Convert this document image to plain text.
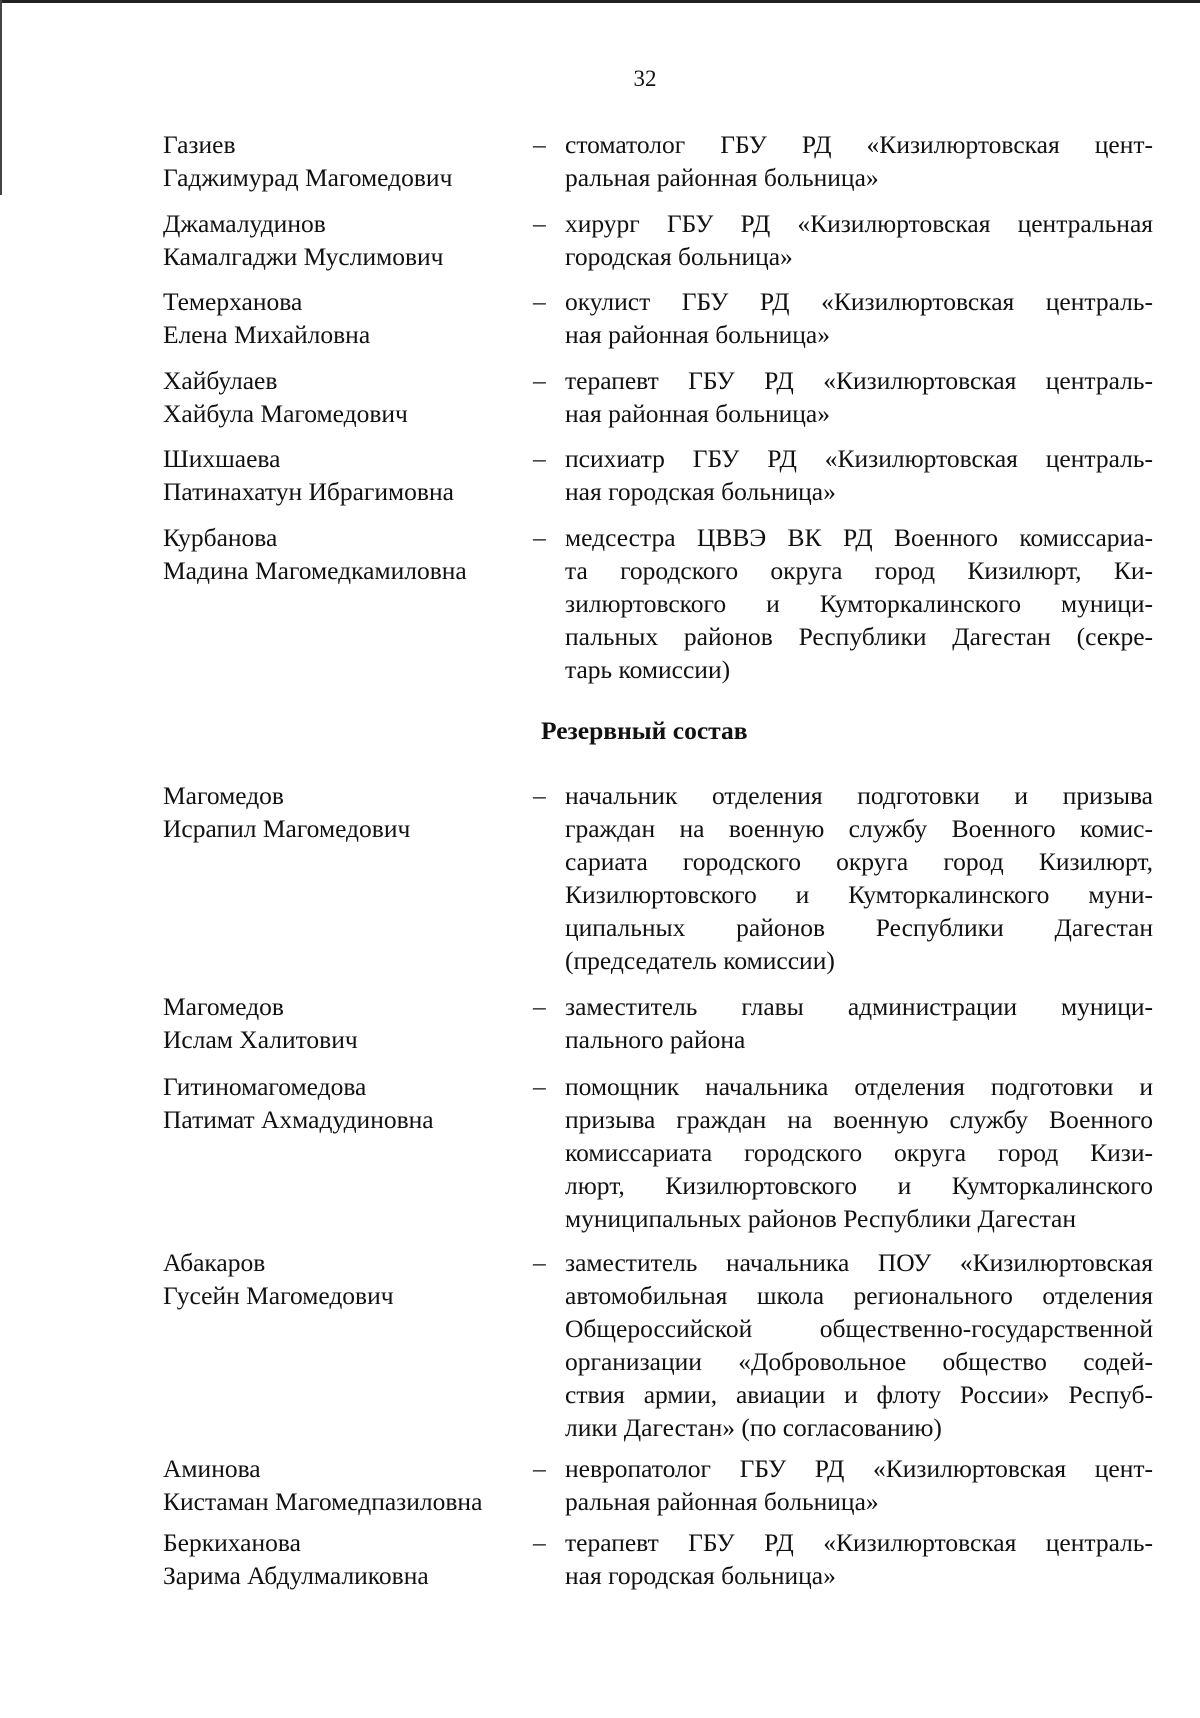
32
Газиев
Гаджимурад Магомедович
– стоматолог ГБУ РД «Кизилюртовская цент-
ральная районная больница»
Джамалудинов
Камалгаджи Муслимович
– хирург ГБУ РД «Кизилюртовская центральная
городская больница»
Темерханова
Елена Михайловна
– окулист ГБУ РД «Кизилюртовская централь-
ная районная больница»
Хайбулаев
Хайбула Магомедович
– терапевт ГБУ РД «Кизилюртовская централь-
ная районная больница»
Шихшаева
Патинахатун Ибрагимовна
– психиатр ГБУ РД «Кизилюртовская централь-
ная городская больница»
Курбанова
Мадина Магомедкамиловна
– медсестра ЦВВЭ ВК РД Военного комиссариа-
та городского округа город Кизилюрт, Ки-
зилюртовского и Кумторкалинского муници-
пальных районов Республики Дагестан (секре-
тарь комиссии)
Резервный состав
Магомедов
Исрапил Магомедович
– начальник отделения подготовки и призыва
граждан на военную службу Военного комис-
сариата городского округа город Кизилюрт,
Кизилюртовского и Кумторкалинского муни-
ципальных районов Республики Дагестан
(председатель комиссии)
Магомедов
Ислам Халитович
– заместитель главы администрации муници-
пального района
Гитиномагомедова
Патимат Ахмадудиновна
– помощник начальника отделения подготовки и
призыва граждан на военную службу Военного
комиссариата городского округа город Кизи-
люрт, Кизилюртовского и Кумторкалинского
муниципальных районов Республики Дагестан
Абакаров
Гусейн Магомедович
– заместитель начальника ПОУ «Кизилюртовская
автомобильная школа регионального отделения
Общероссийской общественно-государственной
организации «Добровольное общество содей-
ствия армии, авиации и флоту России» Респуб-
лики Дагестан» (по согласованию)
Аминова
Кистаман Магомедпазиловна
– невропатолог ГБУ РД «Кизилюртовская цент-
ральная районная больница»
Беркиханова
Зарима Абдулмаликовна
– терапевт ГБУ РД «Кизилюртовская централь-
ная городская больница»
